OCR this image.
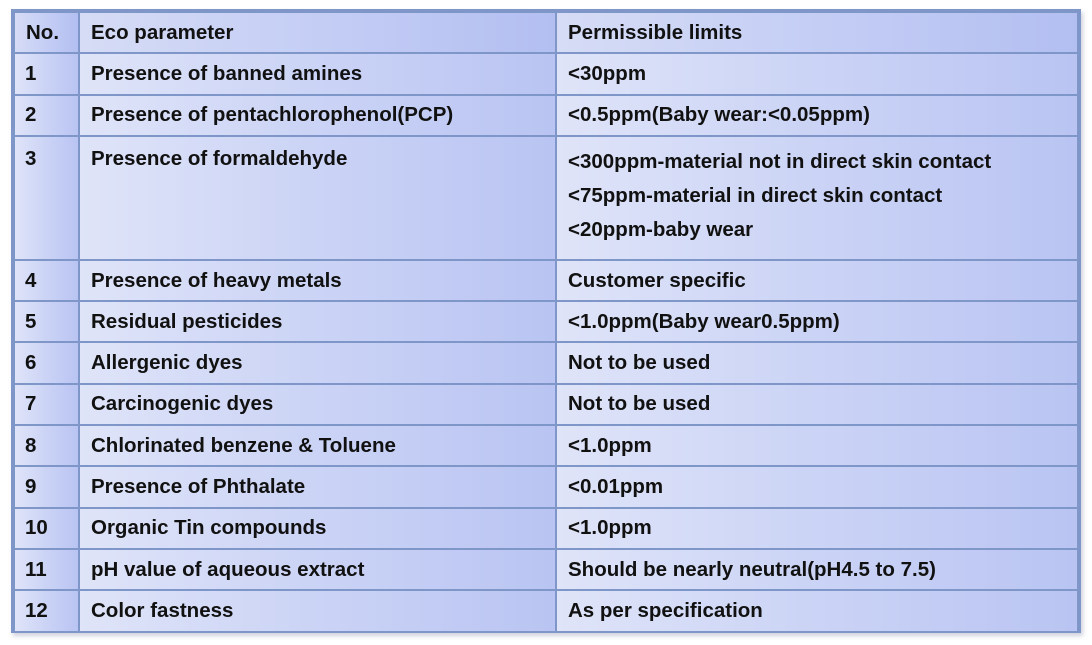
No.	Eco parameter	Permissible limits
1	Presence of banned amines	<30ppm
2	Presence of pentachlorophenol(PCP)	<0.5ppm(Baby wear:<0.05ppm)
3	Presence of formaldehyde	<300ppm-material not in direct skin contact
<75ppm-material in direct skin contact
<20ppm-baby wear

4	Presence of heavy metals	Customer specific
5	Residual pesticides	<1.0ppm(Baby wear0.5ppm)
6	Allergenic dyes	Not to be used
7	Carcinogenic dyes	Not to be used
8	Chlorinated benzene & Toluene	<1.0ppm
9	Presence of Phthalate	<0.01ppm
10	Organic Tin compounds	<1.0ppm
11	pH value of aqueous extract	Should be nearly neutral(pH4.5 to 7.5)
12	Color fastness	As per specification
